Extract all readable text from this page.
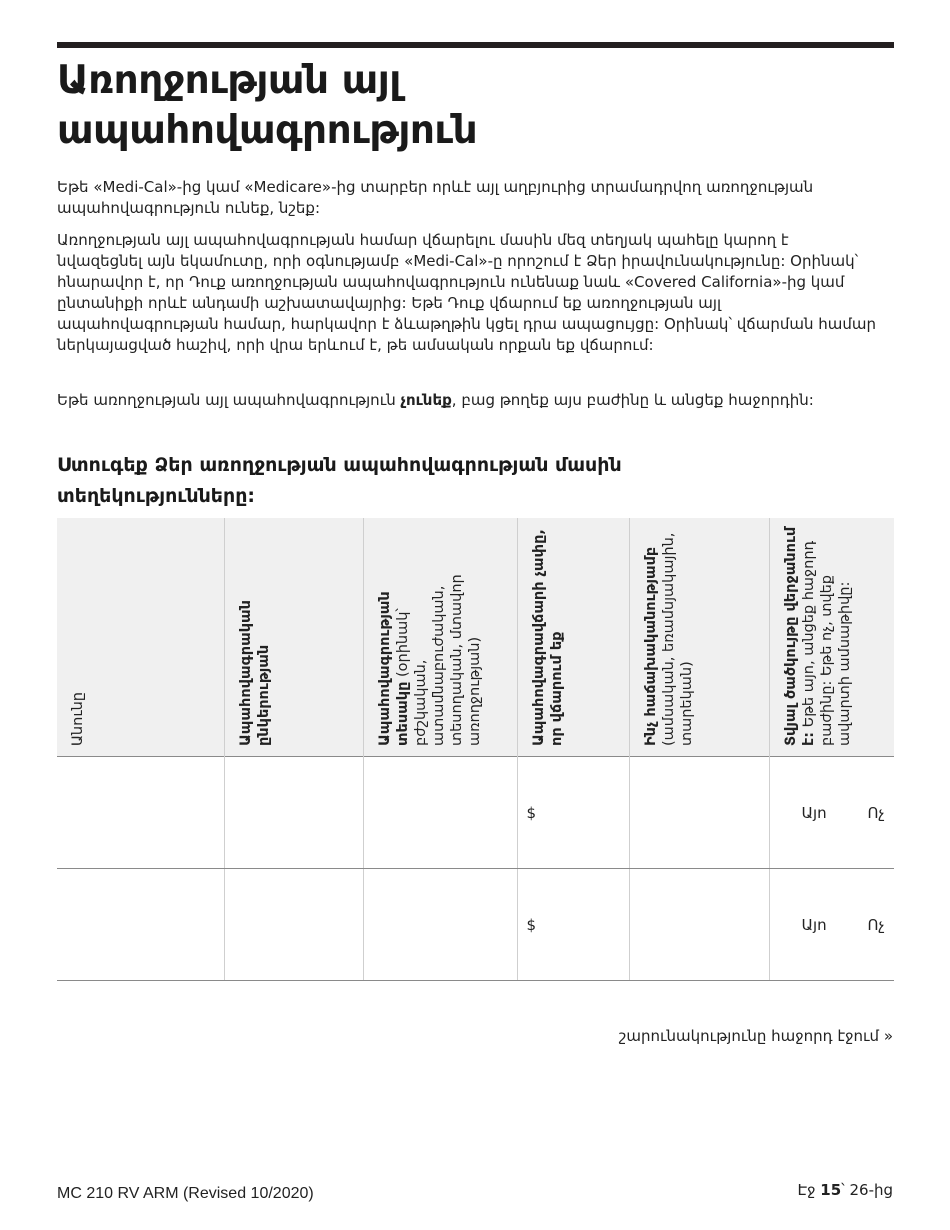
Առողջության այլ
ապահովագրություն

Եթե «Medi-Cal»-ից կամ «Medicare»-ից տարբեր որևէ այլ աղբյուրից տրամադրվող առողջության ապահովագրություն ունեք, նշեք:

Առողջության այլ ապահովագրության համար վճարելու մասին մեզ տեղյակ պահելը կարող է նվազեցնել այն եկամուտը, որի օգնությամբ «Medi-Cal»-ը որոշում է Ձեր իրավունակությունը: Օրինակ՝ հնարավոր է, որ Դուք առողջության ապահովագրություն ունենաք նաև «Covered California»-ից կամ ընտանիքի որևէ անդամի աշխատավայրից: Եթե Դուք վճարում եք առողջության այլ ապահովագրության համար, հարկավոր է ձևաթղթին կցել դրա ապացույցը: Օրինակ՝ վճարման համար ներկայացված հաշիվ, որի վրա երևում է, թե ամսական որքան եք վճարում:

Եթե առողջության այլ ապահովագրություն չունեք, բաց թողեք այս բաժինը և անցեք հաջորդին:

Ստուգեք Ձեր առողջության ապահովագրության մասին տեղեկությունները:
Անունը	Ապահովագրական ընկերության	Ապահովագրության տեսակը (օրինակ՝ բժշկական, ատամնաբուժական, տեսողական, մտավոր առողջության)	Ապահովագրավճարի չափը, որ վճարում եք	Ինչ հաճախականությամբ (ամսական, եռամսյակային, տարեկան)	Տվյալ ծածկույթը վերջանում է: Եթե այո, անցեք հաջորդ բաժինը: Եթե ոչ, տվեք ավարտի ամսաթիվը:

			$		Այո Ոչ

			$		Այո Ոչ

շարունակությունը հաջորդ էջում »

MC 210 RV ARM (Revised 10/2020)	Էջ 15՝ 26-ից
